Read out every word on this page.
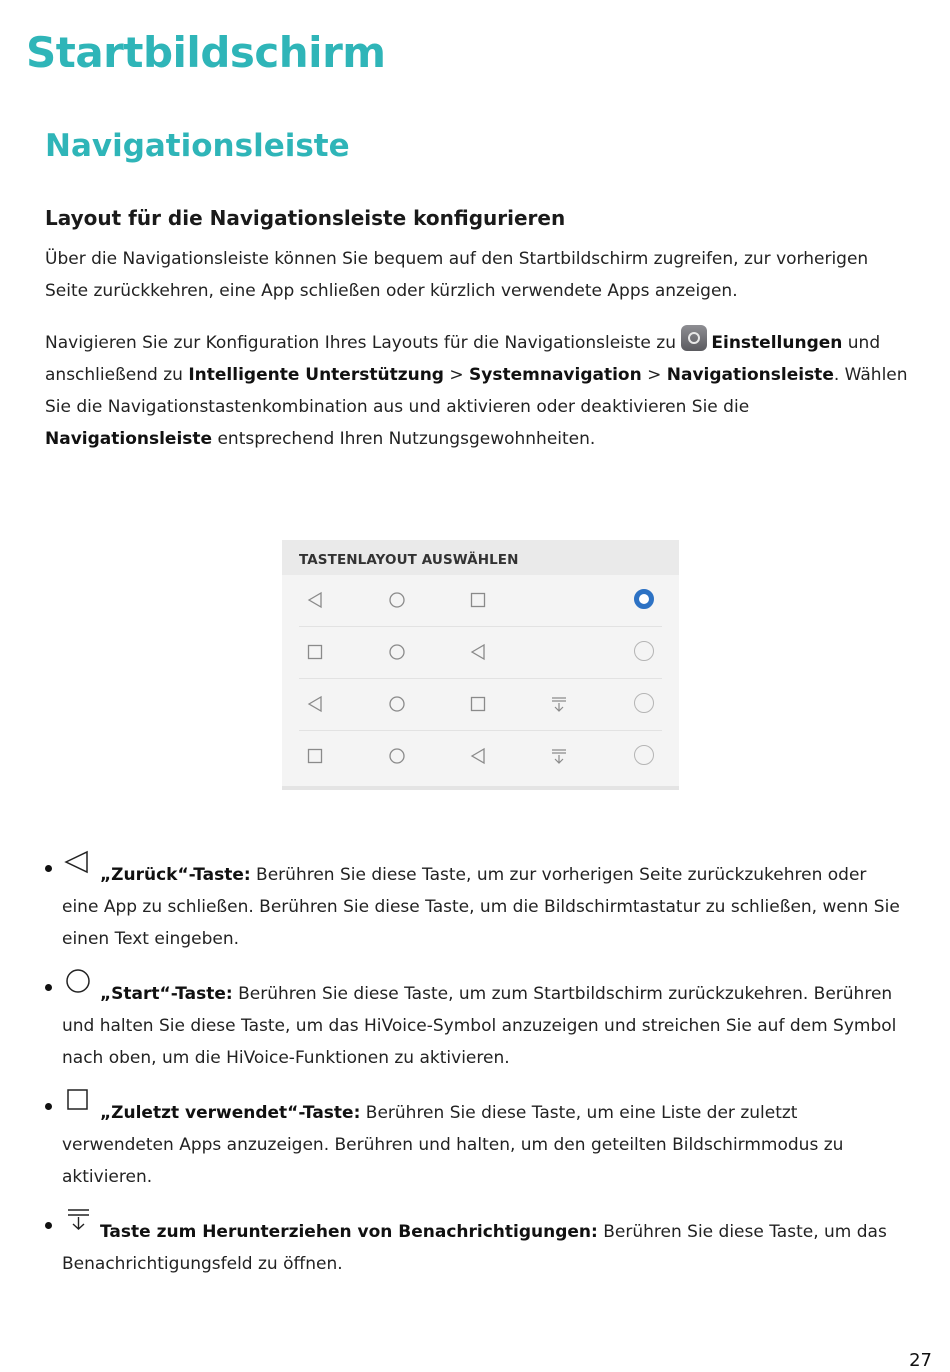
Startbildschirm
Navigationsleiste
Layout für die Navigationsleiste konfigurieren

Über die Navigationsleiste können Sie bequem auf den Startbildschirm zugreifen, zur vorherigen Seite zurückkehren, eine App schließen oder kürzlich verwendete Apps anzeigen.

Navigieren Sie zur Konfiguration Ihres Layouts für die Navigationsleiste zu Einstellungen und anschließend zu Intelligente Unterstützung > Systemnavigation > Navigationsleiste. Wählen Sie die Navigationstastenkombination aus und aktivieren oder deaktivieren Sie die Navigationsleiste entsprechend Ihren Nutzungsgewohnheiten.

TASTENLAYOUT AUSWÄHLEN
„Zurück“-Taste: Berühren Sie diese Taste, um zur vorherigen Seite zurückzukehren oder eine App zu schließen. Berühren Sie diese Taste, um die Bildschirmtastatur zu schließen, wenn Sie einen Text eingeben.
„Start“-Taste: Berühren Sie diese Taste, um zum Startbildschirm zurückzukehren. Berühren und halten Sie diese Taste, um das HiVoice-Symbol anzuzeigen und streichen Sie auf dem Symbol nach oben, um die HiVoice-Funktionen zu aktivieren.
„Zuletzt verwendet“-Taste: Berühren Sie diese Taste, um eine Liste der zuletzt verwendeten Apps anzuzeigen. Berühren und halten, um den geteilten Bildschirmmodus zu aktivieren.
Taste zum Herunterziehen von Benachrichtigungen: Berühren Sie diese Taste, um das Benachrichtigungsfeld zu öffnen.
27
